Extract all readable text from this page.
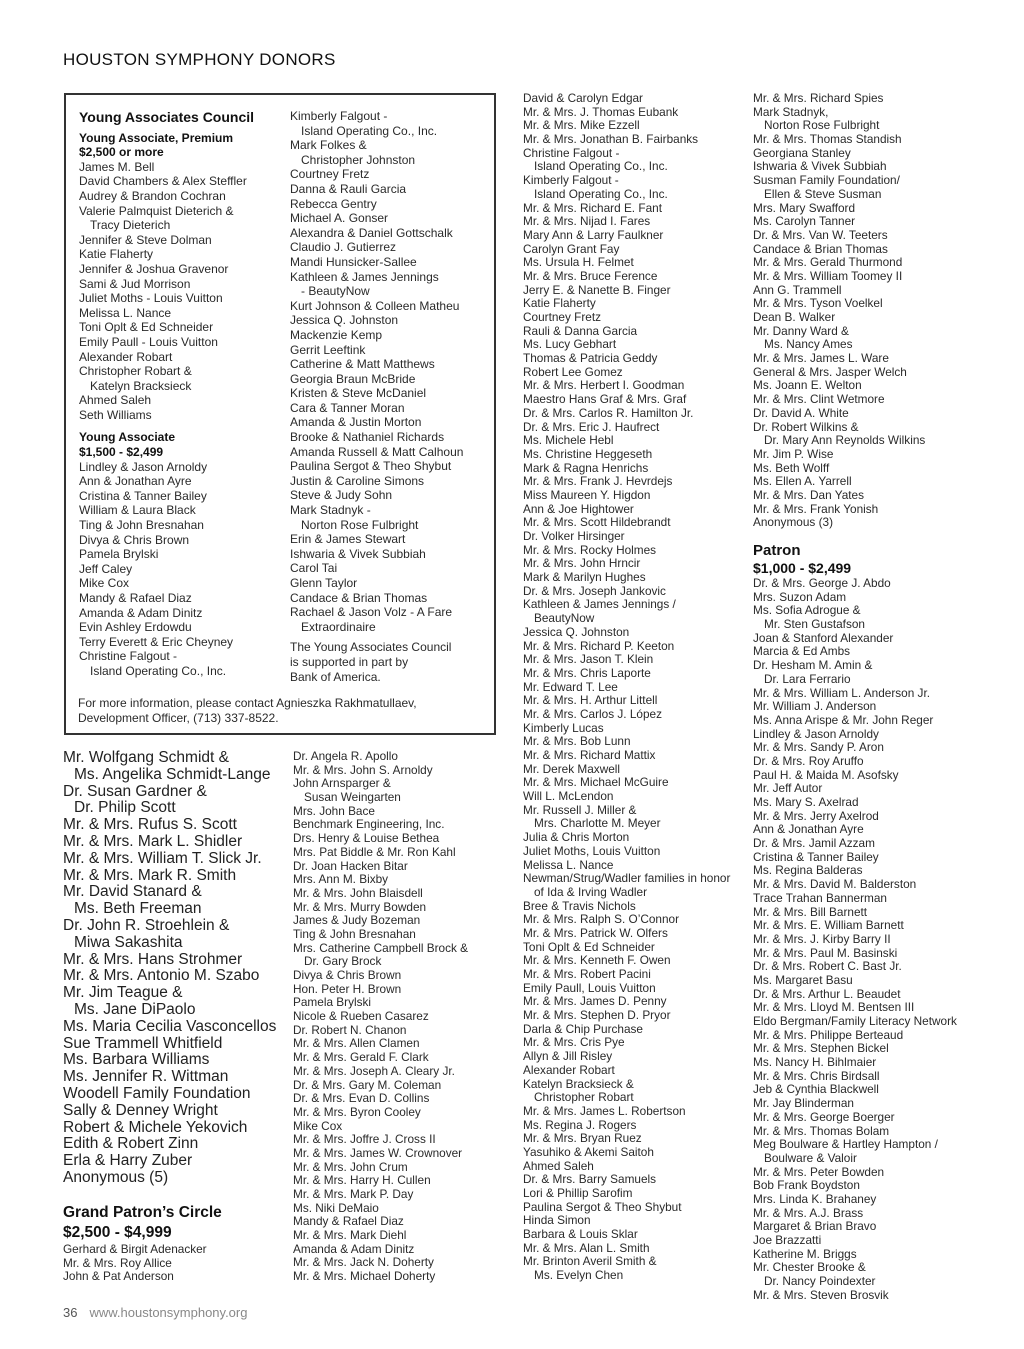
HOUSTON SYMPHONY DONORS
Young Associates Council
Young Associate, Premium
$2,500 or more
James M. Bell
David Chambers & Alex Steffler
Audrey & Brandon Cochran
Valerie Palmquist Dieterich &
Tracy Dieterich
Jennifer & Steve Dolman
Katie Flaherty
Jennifer & Joshua Gravenor
Sami & Jud Morrison
Juliet Moths - Louis Vuitton
Melissa L. Nance
Toni Oplt & Ed Schneider
Emily Paull - Louis Vuitton
Alexander Robart
Christopher Robart &
Katelyn Bracksieck
Ahmed Saleh
Seth Williams
Young Associate
$1,500 - $2,499
Lindley & Jason Arnoldy
Ann & Jonathan Ayre
Cristina & Tanner Bailey
William & Laura Black
Ting & John Bresnahan
Divya & Chris Brown
Pamela Brylski
Jeff Caley
Mike Cox
Mandy & Rafael Diaz
Amanda & Adam Dinitz
Evin Ashley Erdowdu
Terry Everett & Eric Cheyney
Christine Falgout -
Island Operating Co., Inc.
Kimberly Falgout -
Island Operating Co., Inc.
Mark Folkes &
Christopher Johnston
Courtney Fretz
Danna & Rauli Garcia
Rebecca Gentry
Michael A. Gonser
Alexandra & Daniel Gottschalk
Claudio J. Gutierrez
Mandi Hunsicker-Sallee
Kathleen & James Jennings
- BeautyNow
Kurt Johnson & Colleen Matheu
Jessica Q. Johnston
Mackenzie Kemp
Gerrit Leeftink
Catherine & Matt Matthews
Georgia Braun McBride
Kristen & Steve McDaniel
Cara & Tanner Moran
Amanda & Justin Morton
Brooke & Nathaniel Richards
Amanda Russell & Matt Calhoun
Paulina Sergot & Theo Shybut
Justin & Caroline Simons
Steve & Judy Sohn
Mark Stadnyk -
Norton Rose Fulbright
Erin & James Stewart
Ishwaria & Vivek Subbiah
Carol Tai
Glenn Taylor
Candace & Brian Thomas
Rachael & Jason Volz - A Fare
Extraordinaire
The Young Associates Council
is supported in part by
Bank of America.
For more information, please contact Agnieszka Rakhmatullaev,
Development Officer, (713) 337-8522.
Mr. Wolfgang Schmidt &
Ms. Angelika Schmidt-Lange
Dr. Susan Gardner &
Dr. Philip Scott
Mr. & Mrs. Rufus S. Scott
Mr. & Mrs. Mark L. Shidler
Mr. & Mrs. William T. Slick Jr.
Mr. & Mrs. Mark R. Smith
Mr. David Stanard &
Ms. Beth Freeman
Dr. John R. Stroehlein &
Miwa Sakashita
Mr. & Mrs. Hans Strohmer
Mr. & Mrs. Antonio M. Szabo
Mr. Jim Teague &
Ms. Jane DiPaolo
Ms. Maria Cecilia Vasconcellos
Sue Trammell Whitfield
Ms. Barbara Williams
Ms. Jennifer R. Wittman
Woodell Family Foundation
Sally & Denney Wright
Robert & Michele Yekovich
Edith & Robert Zinn
Erla & Harry Zuber
Anonymous (5)
Grand Patron’s Circle
$2,500 - $4,999
Gerhard & Birgit Adenacker
Mr. & Mrs. Roy Allice
John & Pat Anderson
Dr. Angela R. Apollo
Mr. & Mrs. John S. Arnoldy
John Arnsparger &
Susan Weingarten
Mrs. John Bace
Benchmark Engineering, Inc.
Drs. Henry & Louise Bethea
Mrs. Pat Biddle & Mr. Ron Kahl
Dr. Joan Hacken Bitar
Mrs. Ann M. Bixby
Mr. & Mrs. John Blaisdell
Mr. & Mrs. Murry Bowden
James & Judy Bozeman
Ting & John Bresnahan
Mrs. Catherine Campbell Brock &
Dr. Gary Brock
Divya & Chris Brown
Hon. Peter H. Brown
Pamela Brylski
Nicole & Rueben Casarez
Dr. Robert N. Chanon
Mr. & Mrs. Allen Clamen
Mr. & Mrs. Gerald F. Clark
Mr. & Mrs. Joseph A. Cleary Jr.
Dr. & Mrs. Gary M. Coleman
Dr. & Mrs. Evan D. Collins
Mr. & Mrs. Byron Cooley
Mike Cox
Mr. & Mrs. Joffre J. Cross II
Mr. & Mrs. James W. Crownover
Mr. & Mrs. John Crum
Mr. & Mrs. Harry H. Cullen
Mr. & Mrs. Mark P. Day
Ms. Niki DeMaio
Mandy & Rafael Diaz
Mr. & Mrs. Mark Diehl
Amanda & Adam Dinitz
Mr. & Mrs. Jack N. Doherty
Mr. & Mrs. Michael Doherty
David & Carolyn Edgar
Mr. & Mrs. J. Thomas Eubank
Mr. & Mrs. Mike Ezzell
Mr. & Mrs. Jonathan B. Fairbanks
Christine Falgout -
Island Operating Co., Inc.
Kimberly Falgout -
Island Operating Co., Inc.
Mr. & Mrs. Richard E. Fant
Mr. & Mrs. Nijad I. Fares
Mary Ann & Larry Faulkner
Carolyn Grant Fay
Ms. Ursula H. Felmet
Mr. & Mrs. Bruce Ference
Jerry E. & Nanette B. Finger
Katie Flaherty
Courtney Fretz
Rauli & Danna Garcia
Ms. Lucy Gebhart
Thomas & Patricia Geddy
Robert Lee Gomez
Mr. & Mrs. Herbert I. Goodman
Maestro Hans Graf & Mrs. Graf
Dr. & Mrs. Carlos R. Hamilton Jr.
Dr. & Mrs. Eric J. Haufrect
Ms. Michele Hebl
Ms. Christine Heggeseth
Mark & Ragna Henrichs
Mr. & Mrs. Frank J. Hevrdejs
Miss Maureen Y. Higdon
Ann & Joe Hightower
Mr. & Mrs. Scott Hildebrandt
Dr. Volker Hirsinger
Mr. & Mrs. Rocky Holmes
Mr. & Mrs. John Hrncir
Mark & Marilyn Hughes
Dr. & Mrs. Joseph Jankovic
Kathleen & James Jennings /
BeautyNow
Jessica Q. Johnston
Mr. & Mrs. Richard P. Keeton
Mr. & Mrs. Jason T. Klein
Mr. & Mrs. Chris Laporte
Mr. Edward T. Lee
Mr. & Mrs. H. Arthur Littell
Mr. & Mrs. Carlos J. López
Kimberly Lucas
Mr. & Mrs. Bob Lunn
Mr. & Mrs. Richard Mattix
Mr. Derek Maxwell
Mr. & Mrs. Michael McGuire
Will L. McLendon
Mr. Russell J. Miller &
Mrs. Charlotte M. Meyer
Julia & Chris Morton
Juliet Moths, Louis Vuitton
Melissa L. Nance
Newman/Strug/Wadler families in honor
of Ida & Irving Wadler
Bree & Travis Nichols
Mr. & Mrs. Ralph S. O’Connor
Mr. & Mrs. Patrick W. Olfers
Toni Oplt & Ed Schneider
Mr. & Mrs. Kenneth F. Owen
Mr. & Mrs. Robert Pacini
Emily Paull, Louis Vuitton
Mr. & Mrs. James D. Penny
Mr. & Mrs. Stephen D. Pryor
Darla & Chip Purchase
Mr. & Mrs. Cris Pye
Allyn & Jill Risley
Alexander Robart
Katelyn Bracksieck &
Christopher Robart
Mr. & Mrs. James L. Robertson
Ms. Regina J. Rogers
Mr. & Mrs. Bryan Ruez
Yasuhiko & Akemi Saitoh
Ahmed Saleh
Dr. & Mrs. Barry Samuels
Lori & Phillip Sarofim
Paulina Sergot & Theo Shybut
Hinda Simon
Barbara & Louis Sklar
Mr. & Mrs. Alan L. Smith
Mr. Brinton Averil Smith &
Ms. Evelyn Chen
Mr. & Mrs. Richard Spies
Mark Stadnyk,
Norton Rose Fulbright
Mr. & Mrs. Thomas Standish
Georgiana Stanley
Ishwaria & Vivek Subbiah
Susman Family Foundation/
Ellen & Steve Susman
Mrs. Mary Swafford
Ms. Carolyn Tanner
Dr. & Mrs. Van W. Teeters
Candace & Brian Thomas
Mr. & Mrs. Gerald Thurmond
Mr. & Mrs. William Toomey II
Ann G. Trammell
Mr. & Mrs. Tyson Voelkel
Dean B. Walker
Mr. Danny Ward &
Ms. Nancy Ames
Mr. & Mrs. James L. Ware
General & Mrs. Jasper Welch
Ms. Joann E. Welton
Mr. & Mrs. Clint Wetmore
Dr. David A. White
Dr. Robert Wilkins &
Dr. Mary Ann Reynolds Wilkins
Mr. Jim P. Wise
Ms. Beth Wolff
Ms. Ellen A. Yarrell
Mr. & Mrs. Dan Yates
Mr. & Mrs. Frank Yonish
Anonymous (3)
Patron
$1,000 - $2,499
Dr. & Mrs. George J. Abdo
Mrs. Suzon Adam
Ms. Sofia Adrogue &
Mr. Sten Gustafson
Joan & Stanford Alexander
Marcia & Ed Ambs
Dr. Hesham M. Amin &
Dr. Lara Ferrario
Mr. & Mrs. William L. Anderson Jr.
Mr. William J. Anderson
Ms. Anna Arispe & Mr. John Reger
Lindley & Jason Arnoldy
Mr. & Mrs. Sandy P. Aron
Dr. & Mrs. Roy Aruffo
Paul H. & Maida M. Asofsky
Mr. Jeff Autor
Ms. Mary S. Axelrad
Mr. & Mrs. Jerry Axelrod
Ann & Jonathan Ayre
Dr. & Mrs. Jamil Azzam
Cristina & Tanner Bailey
Ms. Regina Balderas
Mr. & Mrs. David M. Balderston
Trace Trahan Bannerman
Mr. & Mrs. Bill Barnett
Mr. & Mrs. E. William Barnett
Mr. & Mrs. J. Kirby Barry II
Mr. & Mrs. Paul M. Basinski
Dr. & Mrs. Robert C. Bast Jr.
Ms. Margaret Basu
Dr. & Mrs. Arthur L. Beaudet
Mr. & Mrs. Lloyd M. Bentsen III
Eldo Bergman/Family Literacy Network
Mr. & Mrs. Philippe Berteaud
Mr. & Mrs. Stephen Bickel
Ms. Nancy H. Bihlmaier
Mr. & Mrs. Chris Birdsall
Jeb & Cynthia Blackwell
Mr. Jay Blinderman
Mr. & Mrs. George Boerger
Mr. & Mrs. Thomas Bolam
Meg Boulware & Hartley Hampton /
Boulware & Valoir
Mr. & Mrs. Peter Bowden
Bob Frank Boydston
Mrs. Linda K. Brahaney
Mr. & Mrs. A.J. Brass
Margaret & Brian Bravo
Joe Brazzatti
Katherine M. Briggs
Mr. Chester Brooke &
Dr. Nancy Poindexter
Mr. & Mrs. Steven Brosvik
36 www.houstonsymphony.org
